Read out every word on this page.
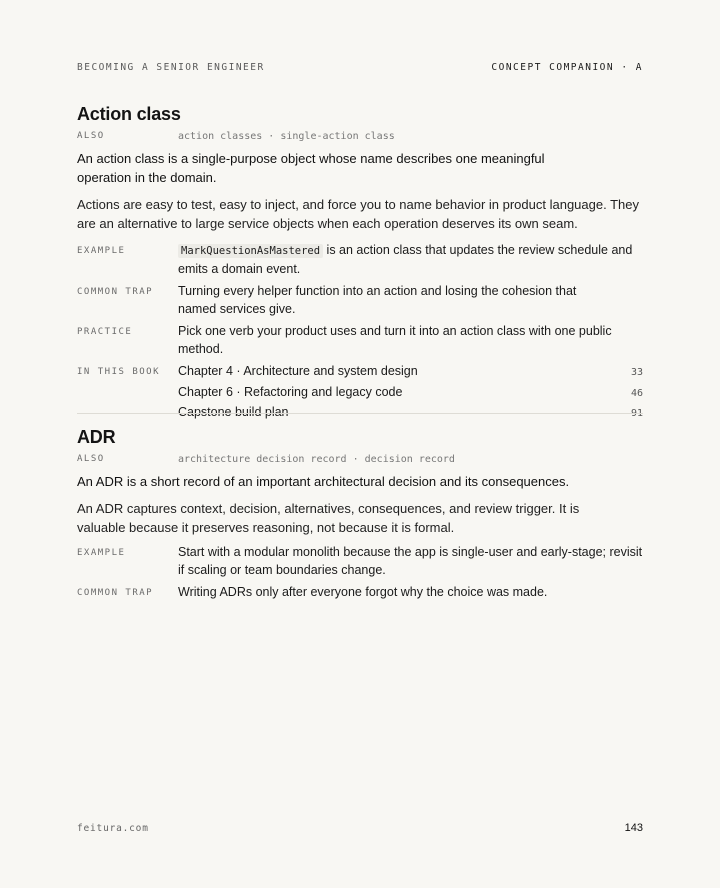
BECOMING A SENIOR ENGINEER	CONCEPT COMPANION · A
Action class
ALSO	action classes · single-action class

An action class is a single-purpose object whose name describes one meaningful operation in the domain.

Actions are easy to test, easy to inject, and force you to name behavior in product language. They are an alternative to large service objects when each operation deserves its own seam.

EXAMPLE	MarkQuestionAsMastered is an action class that updates the review schedule and emits a domain event.
COMMON TRAP	Turning every helper function into an action and losing the cohesion that named services give.
PRACTICE	Pick one verb your product uses and turn it into an action class with one public method.
IN THIS BOOK	Chapter 4 · Architecture and system design	33
Chapter 6 · Refactoring and legacy code	46
Capstone build plan	91
ADR
ALSO	architecture decision record · decision record

An ADR is a short record of an important architectural decision and its consequences.

An ADR captures context, decision, alternatives, consequences, and review trigger. It is valuable because it preserves reasoning, not because it is formal.

EXAMPLE	Start with a modular monolith because the app is single-user and early-stage; revisit if scaling or team boundaries change.
COMMON TRAP	Writing ADRs only after everyone forgot why the choice was made.
feitura.com	143
